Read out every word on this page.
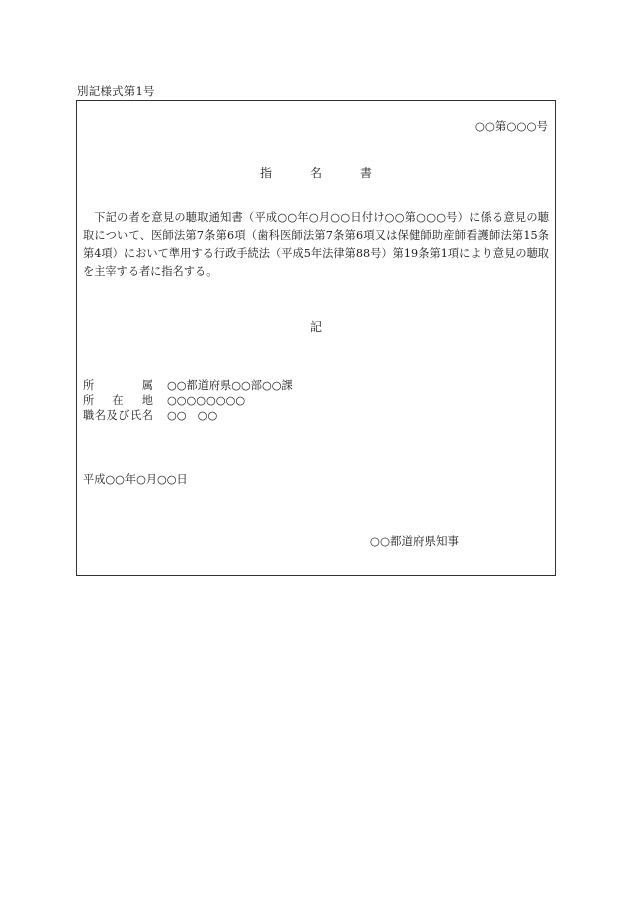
別記様式第1号
○○第○○○号
指	名	書
下記の者を意見の聴取通知書（平成○○年○月○○日付け○○第○○○号）に係る意見の聴取について、医師法第7条第6項（歯科医師法第7条第6項又は保健師助産師看護師法第15条第4項）において準用する行政手続法（平成5年法律第88号）第19条第1項により意見の聴取を主宰する者に指名する。
記
所	属 ○○都道府県○○部○○課
所 在 地 ○○○○○○○○
職 名 及 び 氏 名 ○○　○○
平成○○年○月○○日
○○都道府県知事
